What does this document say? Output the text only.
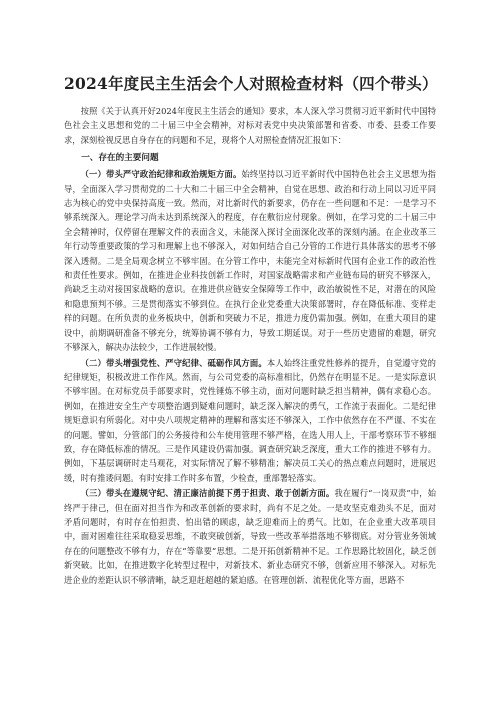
2024年度民主生活会个人对照检查材料（四个带头）

按照《关于认真开好2024年度民主生活会的通知》要求，本人深入学习贯彻习近平新时代中国特色社会主义思想和党的二十届三中全会精神，对标对表党中央决策部署和省委、市委、县委工作要求，深刻检视反思自身存在的问题和不足，现将个人对照检查情况汇报如下：

一、存在的主要问题

（一）带头严守政治纪律和政治规矩方面。始终坚持以习近平新时代中国特色社会主义思想为指导，全面深入学习贯彻党的二十大和二十届三中全会精神，自觉在思想、政治和行动上同以习近平同志为核心的党中央保持高度一致。然而，对比新时代的新要求，仍存在一些问题和不足：一是学习不够系统深入。理论学习尚未达到系统深入的程度，存在敷衍应付现象。例如，在学习党的二十届三中全会精神时，仅停留在理解文件的表面含义，未能深入探讨全面深化改革的深刻内涵。在企业改革三年行动等重要政策的学习和理解上也不够深入，对如何结合自己分管的工作进行具体落实的思考不够深入透彻。二是全局观念树立不够牢固。在分管工作中，未能完全对标新时代国有企业工作的政治性和责任性要求。例如，在推进企业科技创新工作时，对国家战略需求和产业链布局的研究不够深入，尚缺乏主动对接国家战略的意识。在推进供应链安全保障等工作中，政治敏锐性不足，对潜在的风险和隐患预判不够。三是贯彻落实不够到位。在执行企业党委重大决策部署时，存在降低标准、变样走样的问题。在所负责的业务板块中，创新和突破力不足，推进力度仍需加强。例如，在重大项目的建设中，前期调研准备不够充分，统筹协调不够有力，导致工期延误。对于一些历史遗留的难题，研究不够深入，解决办法较少，工作进展较慢。

（二）带头增强党性、严守纪律、砥砺作风方面。本人始终注重党性修养的提升，自觉遵守党的纪律规矩，积极改进工作作风。然而，与公司党委的高标准相比，仍然存在明显不足。一是实际意识不够牢固。在对标党员手部要求时，党性锤炼不够主动，面对问题时缺乏担当精神，偶有求稳心态。例如，在推进安全生产专项整治遇到疑难问题时，缺乏深入解决的勇气，工作流于表面化。二是纪律规矩意识有所弱化。对中央八项规定精神的理解和落实还不够深入，工作中依然存在不严谨、不实在的问题。譬如，分管部门的公务接待和公车使用管理不够严格，在选人用人上，干部考察环节不够细致，存在降低标准的情况。三是作风建设仍需加强。调查研究缺乏深度，重大工作的推进不够有力。例如，下基层调研时走马观花，对实际情况了解不够精准；解决员工关心的热点难点问题时，进展迟缓，时有推诿问题。有时安排工作时多布置，少检查，重部署轻落实。

（三）带头在遵规守纪、清正廉洁前提下勇于担责、敢于创新方面。我在履行“一岗双责”中，始终严于律己，但在面对担当作为和改革创新的要求时，尚有不足之处。一是攻坚克难劲头不足，面对矛盾问题时，有时存在怕担责、怕出错的顾虑，缺乏迎难而上的勇气。比如，在企业重大改革项目中，面对困难往往采取稳妥思维，不敢突破创新，导致一些改革举措落地不够彻底。对分管业务领域存在的问题整改不够有力，存在“等靠要”思想。二是开拓创新精神不足。工作思路比较固化，缺乏创新突破。比如，在推进数字化转型过程中，对新技术、新业态研究不够，创新应用不够深入。对标先进企业的差距认识不够清晰，缺乏迎赶超越的紧迫感。在管理创新、流程优化等方面，思路不
